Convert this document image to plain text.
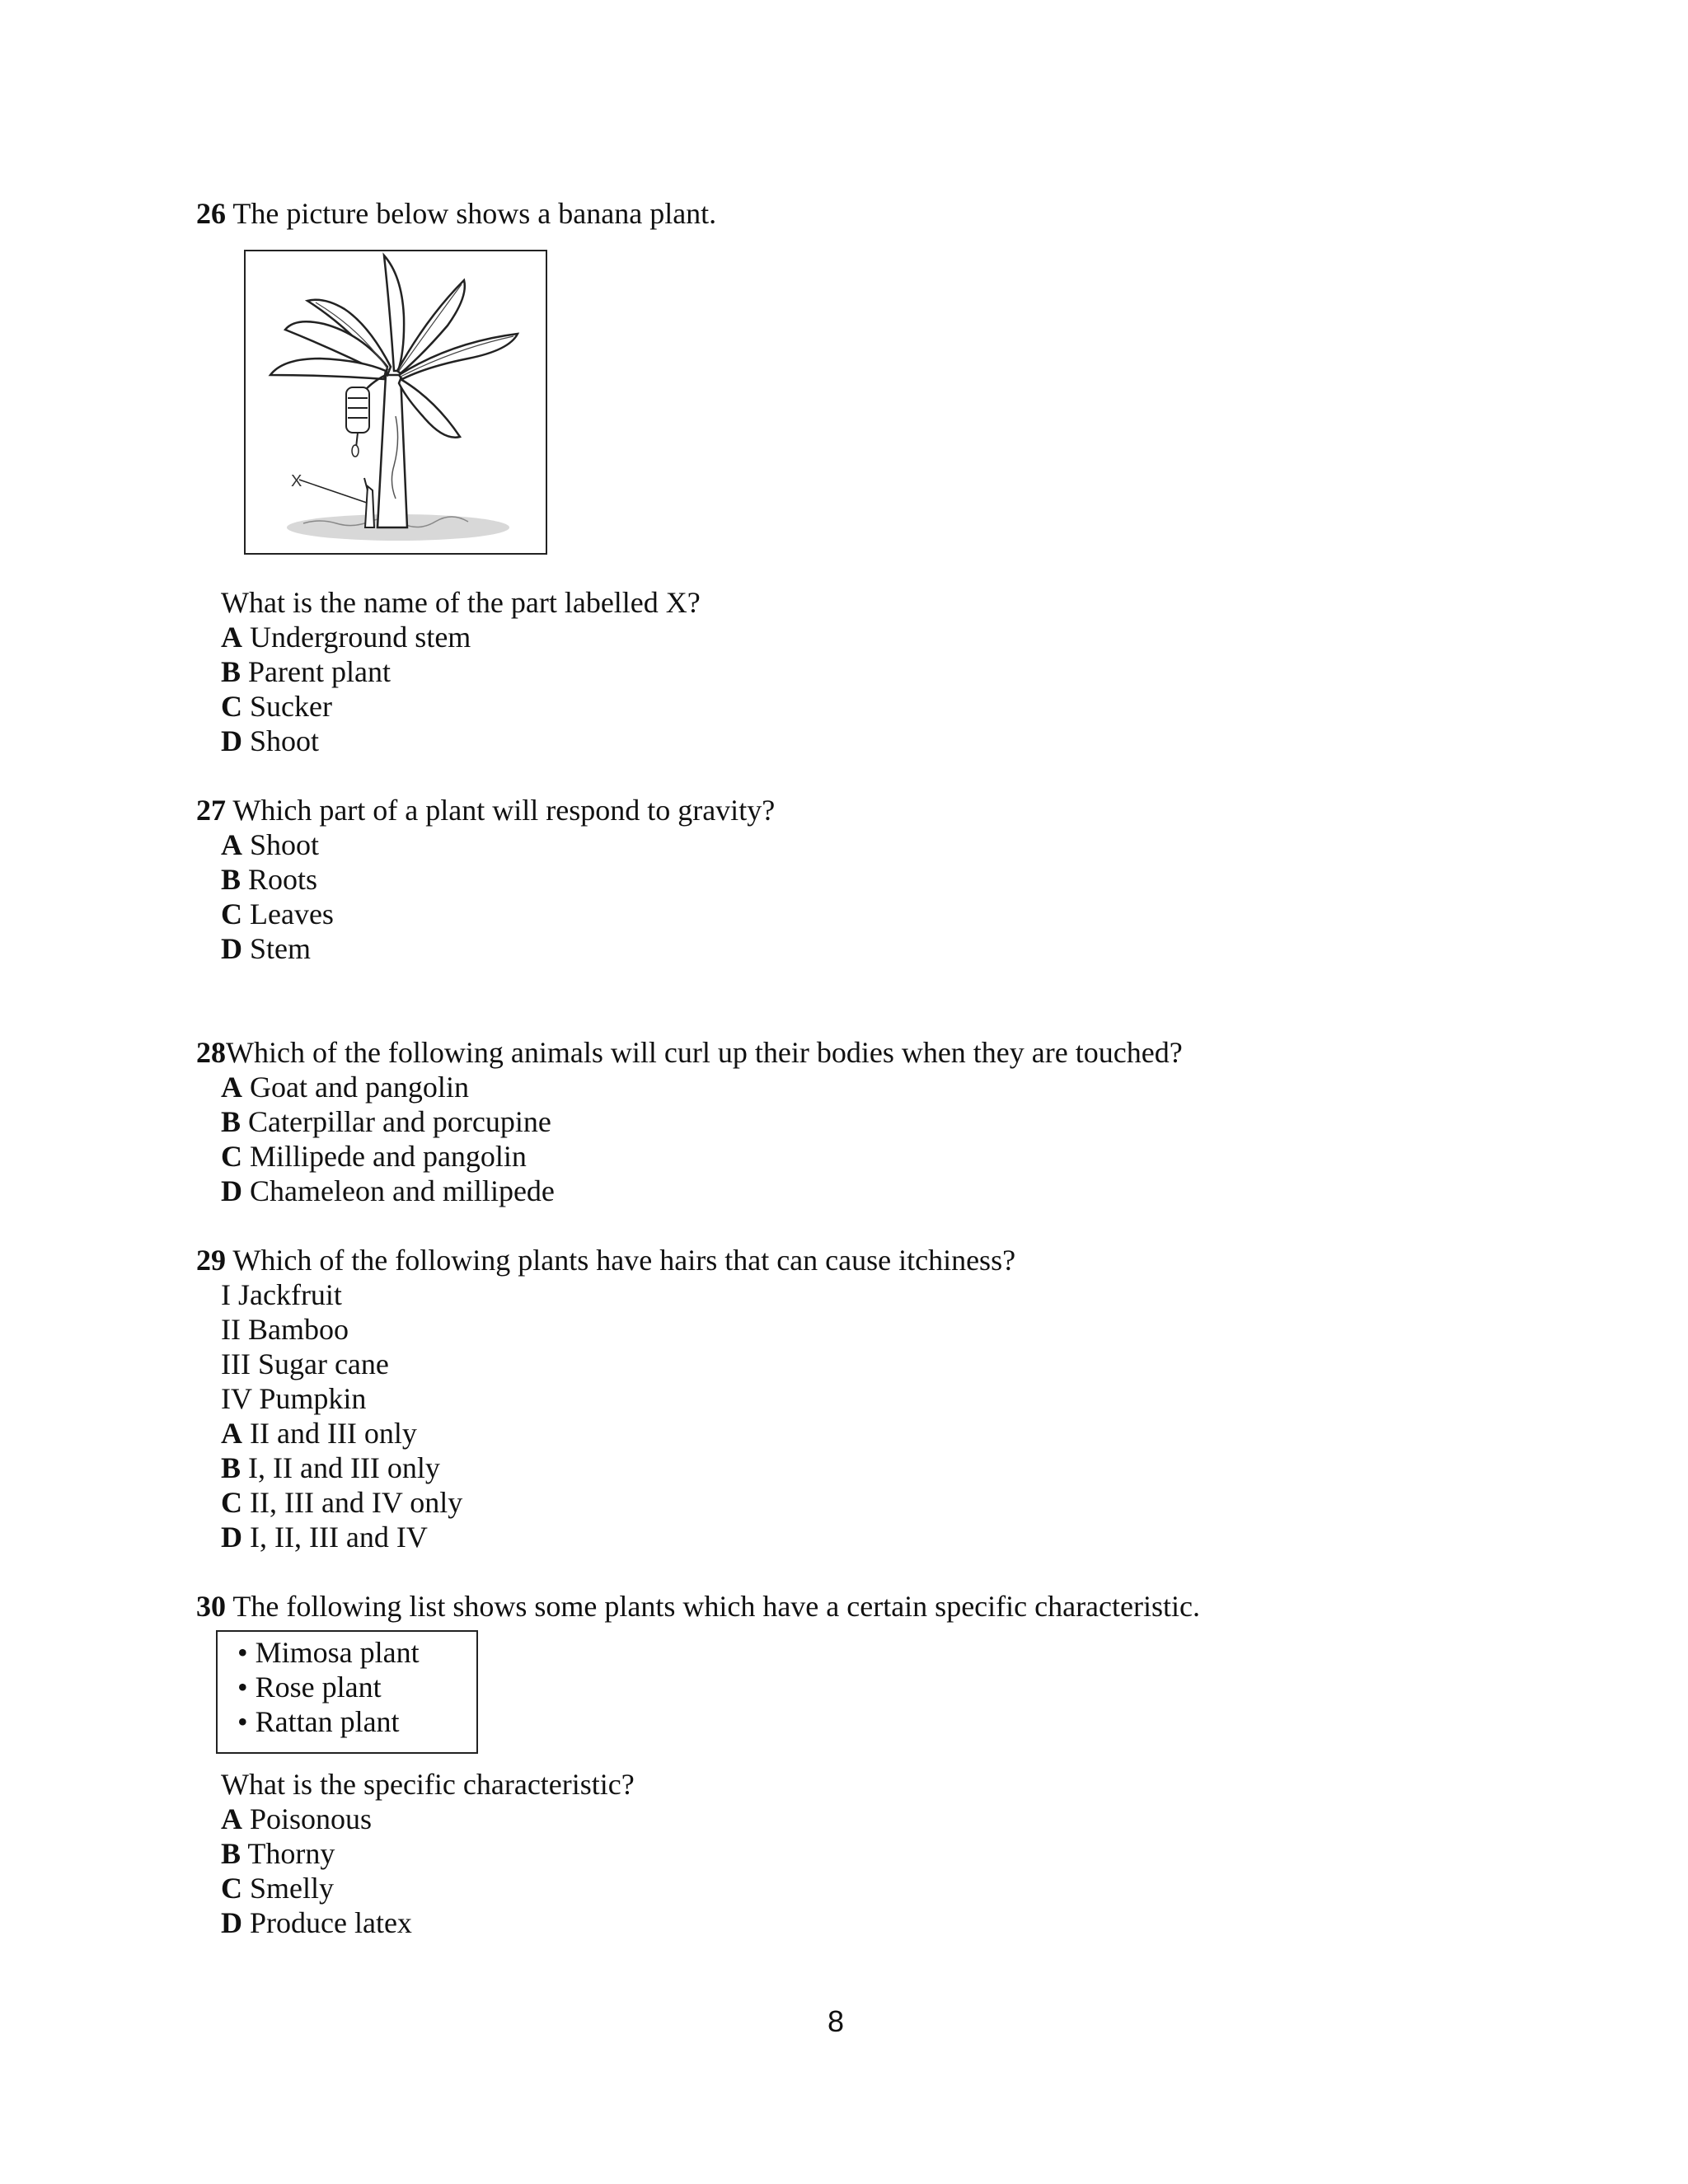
26 The picture below shows a banana plant.
X
What is the name of the part labelled X?
A Underground stem
B Parent plant
C Sucker
D Shoot
27 Which part of a plant will respond to gravity?
A Shoot
B Roots
C Leaves
D Stem
28Which of the following animals will curl up their bodies when they are touched?
A Goat and pangolin
B Caterpillar and porcupine
C Millipede and pangolin
D Chameleon and millipede
29 Which of the following plants have hairs that can cause itchiness?
I Jackfruit
II Bamboo
III Sugar cane
IV Pumpkin
A II and III only
B I, II and III only
C II, III and IV only
D I, II, III and IV
30 The following list shows some plants which have a certain specific characteristic.
• Mimosa plant
• Rose plant
• Rattan plant
What is the specific characteristic?
A Poisonous
B Thorny
C Smelly
D Produce latex
8
